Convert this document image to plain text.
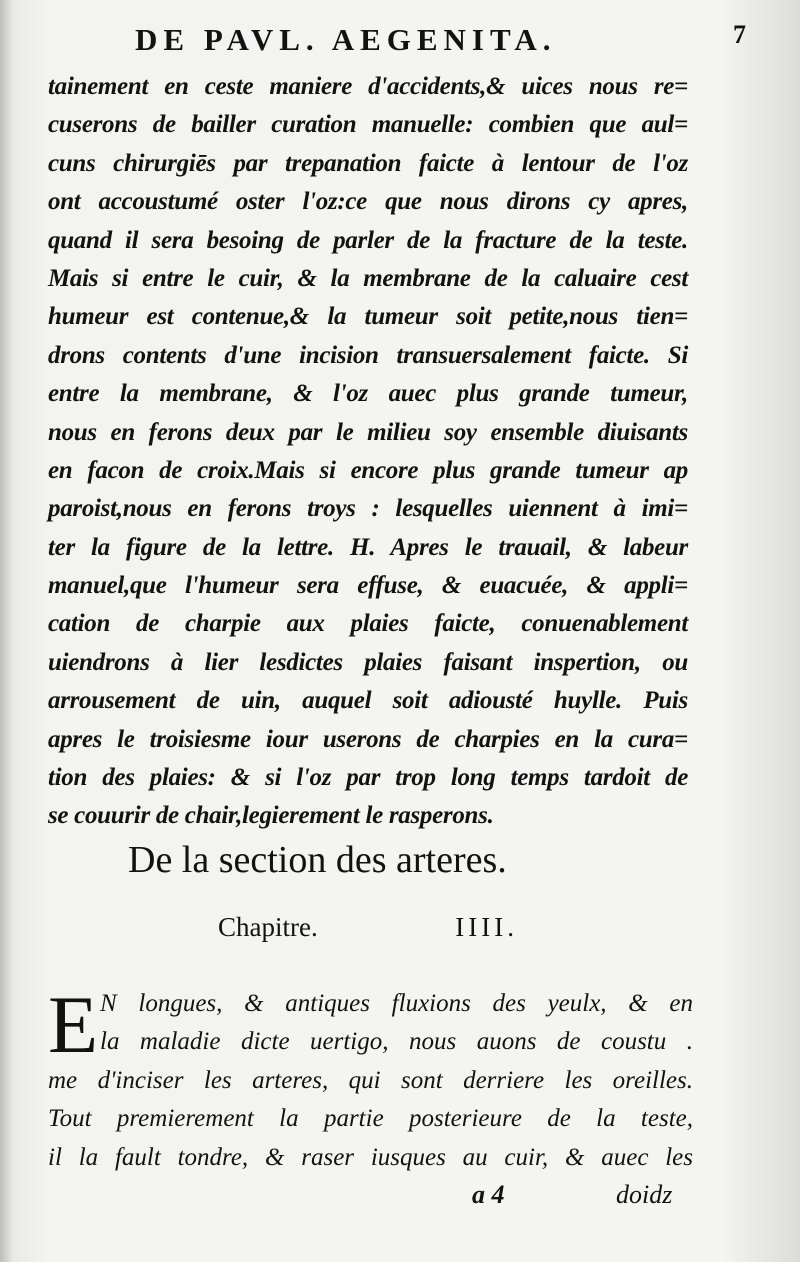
DE PAVL. AEGENITA.	7
tainement en ceste maniere d'accidents,& uices nous re=
cuserons de bailler curation manuelle: combien que aul=
cuns chirurgiēs par trepanation faicte à lentour de l'oz
ont accoustumé oster l'oz:ce que nous dirons cy apres,
quand il sera besoing de parler de la fracture de la teste.
Mais si entre le cuir, & la membrane de la caluaire cest
humeur est contenue,& la tumeur soit petite,nous tien=
drons contents d'une incision transuersalement faicte. Si
entre la membrane, & l'oz auec plus grande tumeur,
nous en ferons deux par le milieu soy ensemble diuisants
en facon de croix.Mais si encore plus grande tumeur ap
paroist,nous en ferons troys : lesquelles uiennent à imi=
ter la figure de la lettre. H. Apres le trauail, & labeur
manuel,que l'humeur sera effuse, & euacuée, & appli=
cation de charpie aux plaies faicte, conuenablement
uiendrons à lier lesdictes plaies faisant inspertion, ou
arrousement de uin, auquel soit adiousté huylle. Puis
apres le troisiesme iour userons de charpies en la cura=
tion des plaies: & si l'oz par trop long temps tardoit de
se couurir de chair,legierement le rasperons.
De la section des arteres.
Chapitre.	IIII.
E N longues, & antiques fluxions des yeulx, & en
la maladie dicte uertigo, nous auons de coustu .
me d'inciser les arteres, qui sont derriere les oreilles.
Tout premierement la partie posterieure de la teste,
il la fault tondre, & raser iusques au cuir, & auec les
a 4	doidz
